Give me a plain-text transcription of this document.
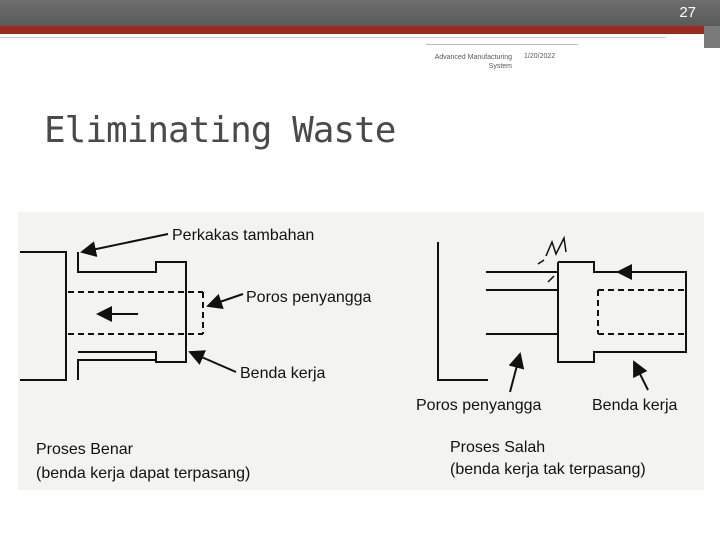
27
Advanced Manufacturing
System
1/20/2022
Eliminating Waste
Perkakas tambahan
Poros penyangga
Benda kerja
Proses Benar
(benda kerja dapat terpasang)
Poros penyangga	Benda kerja
Proses Salah
(benda kerja tak terpasang)
